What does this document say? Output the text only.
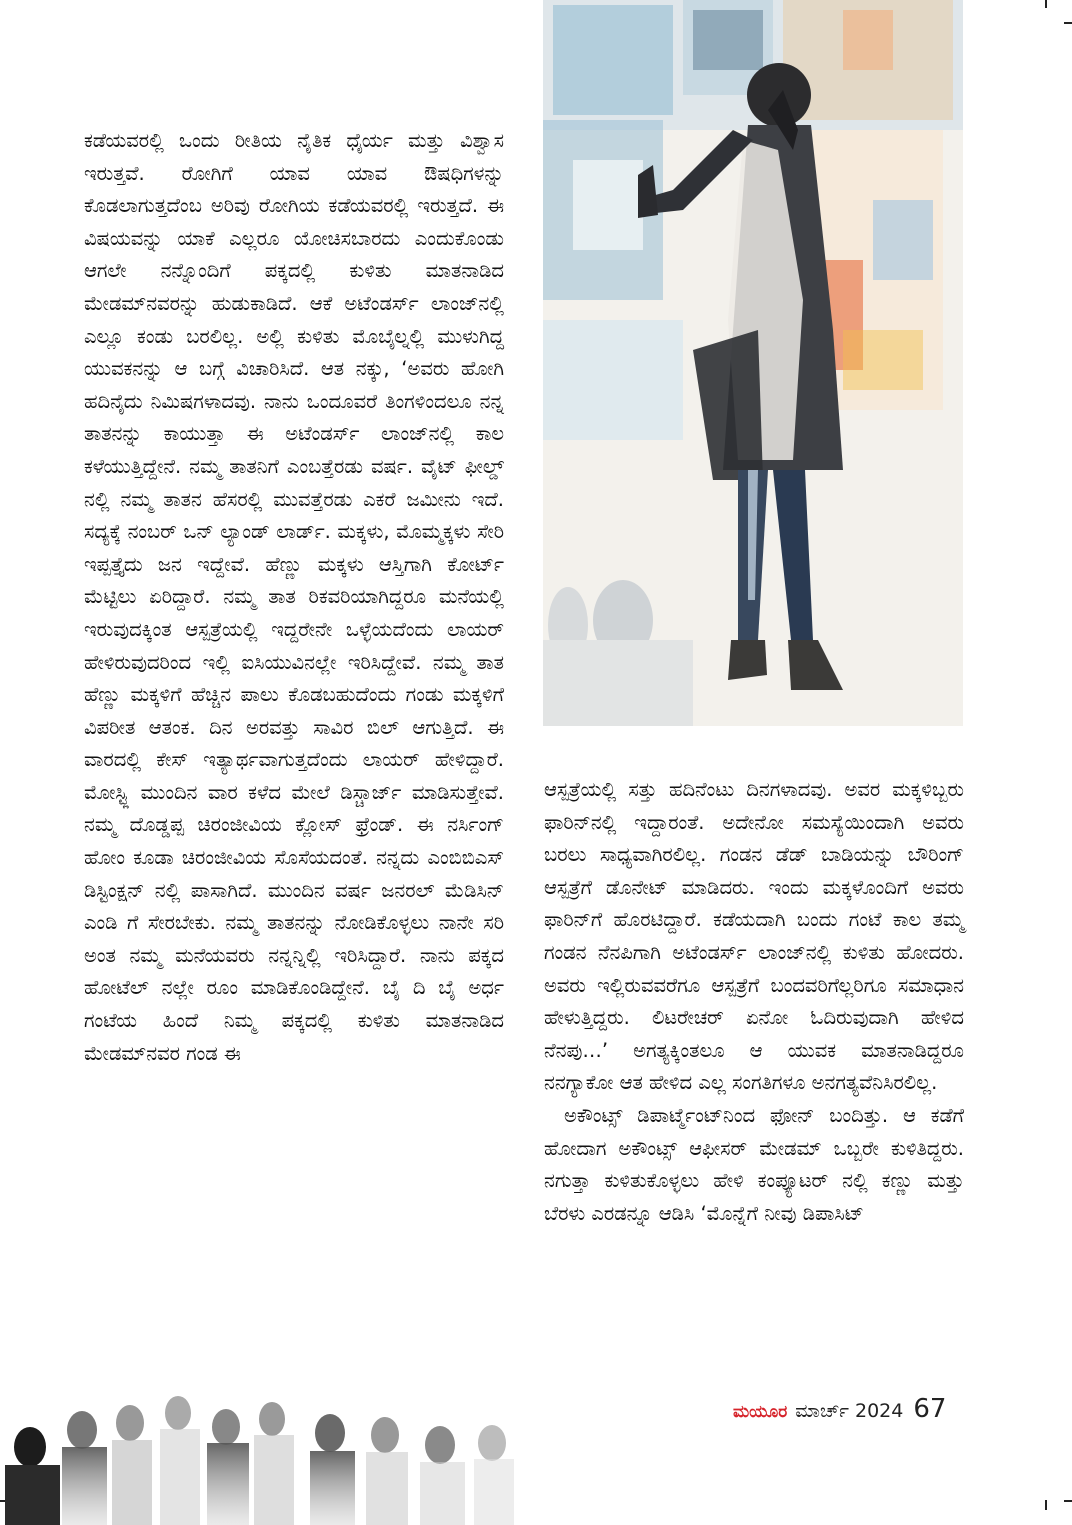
ಕಡೆಯವರಲ್ಲಿ ಒಂದು ರೀತಿಯ ನೈತಿಕ ಧೈರ್ಯ ಮತ್ತು ವಿಶ್ವಾಸ ಇರುತ್ತವೆ. ರೋಗಿಗೆ ಯಾವ ಯಾವ ಔಷಧಿಗಳನ್ನು ಕೊಡಲಾಗುತ್ತದೆಂಬ ಅರಿವು ರೋಗಿಯ ಕಡೆಯವರಲ್ಲಿ ಇರುತ್ತದೆ. ಈ ವಿಷಯವನ್ನು ಯಾಕೆ ಎಲ್ಲರೂ ಯೋಚಿಸಬಾರದು ಎಂದುಕೊಂಡು ಆಗಲೇ ನನ್ನೊಂದಿಗೆ ಪಕ್ಕದಲ್ಲಿ ಕುಳಿತು ಮಾತನಾಡಿದ ಮೇಡಮ್‌ನವರನ್ನು ಹುಡುಕಾಡಿದೆ. ಆಕೆ ಅಟೆಂಡರ್ಸ್ ಲಾಂಜ್‌ನಲ್ಲಿ ಎಲ್ಲೂ ಕಂಡು ಬರಲಿಲ್ಲ. ಅಲ್ಲಿ ಕುಳಿತು ಮೊಬೈಲ್ನಲ್ಲಿ ಮುಳುಗಿದ್ದ ಯುವಕನನ್ನು ಆ ಬಗ್ಗೆ ವಿಚಾರಿಸಿದೆ. ಆತ ನಕ್ಕು, ‘ಅವರು ಹೋಗಿ ಹದಿನೈದು ನಿಮಿಷಗಳಾದವು. ನಾನು ಒಂದೂವರೆ ತಿಂಗಳಿಂದಲೂ ನನ್ನ ತಾತನನ್ನು ಕಾಯುತ್ತಾ ಈ ಅಟೆಂಡರ್ಸ್ ಲಾಂಜ್‌ನಲ್ಲಿ ಕಾಲ ಕಳೆಯುತ್ತಿದ್ದೇನೆ. ನಮ್ಮ ತಾತನಿಗೆ ಎಂಬತ್ತೆರಡು ವರ್ಷ. ವೈಟ್ ಫೀಲ್ಡ್ ನಲ್ಲಿ ನಮ್ಮ ತಾತನ ಹೆಸರಲ್ಲಿ ಮುವತ್ತೆರಡು ಎಕರೆ ಜಮೀನು ಇದೆ. ಸದ್ಯಕ್ಕೆ ನಂಬರ್ ಒನ್ ಲ್ಯಾಂಡ್ ಲಾರ್ಡ್. ಮಕ್ಕಳು, ಮೊಮ್ಮಕ್ಕಳು ಸೇರಿ ಇಪ್ಪತ್ತೈದು ಜನ ಇದ್ದೇವೆ. ಹೆಣ್ಣು ಮಕ್ಕಳು ಆಸ್ತಿಗಾಗಿ ಕೋರ್ಟ್ ಮೆಟ್ಟಿಲು ಏರಿದ್ದಾರೆ. ನಮ್ಮ ತಾತ ರಿಕವರಿಯಾಗಿದ್ದರೂ ಮನೆಯಲ್ಲಿ ಇರುವುದಕ್ಕಿಂತ ಆಸ್ಪತ್ರೆಯಲ್ಲಿ ಇದ್ದರೇನೇ ಒಳ್ಳೆಯದೆಂದು ಲಾಯರ್ ಹೇಳಿರುವುದರಿಂದ ಇಲ್ಲಿ ಐಸಿಯುವಿನಲ್ಲೇ ಇರಿಸಿದ್ದೇವೆ. ನಮ್ಮ ತಾತ ಹೆಣ್ಣು ಮಕ್ಕಳಿಗೆ ಹೆಚ್ಚಿನ ಪಾಲು ಕೊಡಬಹುದೆಂದು ಗಂಡು ಮಕ್ಕಳಿಗೆ ವಿಪರೀತ ಆತಂಕ. ದಿನ ಅರವತ್ತು ಸಾವಿರ ಬಿಲ್ ಆಗುತ್ತಿದೆ. ಈ ವಾರದಲ್ಲಿ ಕೇಸ್ ಇತ್ಯಾರ್ಥವಾಗುತ್ತದೆಂದು ಲಾಯರ್ ಹೇಳಿದ್ದಾರೆ. ಮೋಸ್ಟ್ಲಿ ಮುಂದಿನ ವಾರ ಕಳೆದ ಮೇಲೆ ಡಿಸ್ಚಾರ್ಜ್ ಮಾಡಿಸುತ್ತೇವೆ. ನಮ್ಮ ದೊಡ್ಡಪ್ಪ ಚಿರಂಜೀವಿಯ ಕ್ಲೋಸ್ ಫ್ರೆಂಡ್. ಈ ನರ್ಸಿಂಗ್ ಹೋಂ ಕೂಡಾ ಚಿರಂಜೀವಿಯ ಸೊಸೆಯದಂತೆ. ನನ್ನದು ಎಂಬಿಬಿಎಸ್ ಡಿಸ್ಟಿಂಕ್ಷನ್ ನಲ್ಲಿ ಪಾಸಾಗಿದೆ. ಮುಂದಿನ ವರ್ಷ ಜನರಲ್ ಮೆಡಿಸಿನ್ ಎಂಡಿ ಗೆ ಸೇರಬೇಕು. ನಮ್ಮ ತಾತನನ್ನು ನೋಡಿಕೊಳ್ಳಲು ನಾನೇ ಸರಿ ಅಂತ ನಮ್ಮ ಮನೆಯವರು ನನ್ನನ್ನಿಲ್ಲಿ ಇರಿಸಿದ್ದಾರೆ. ನಾನು ಪಕ್ಕದ ಹೋಟೆಲ್ ನಲ್ಲೇ ರೂಂ ಮಾಡಿಕೊಂಡಿದ್ದೇನೆ. ಬೈ ದಿ ಬೈ ಅರ್ಧ ಗಂಟೆಯ ಹಿಂದೆ ನಿಮ್ಮ ಪಕ್ಕದಲ್ಲಿ ಕುಳಿತು ಮಾತನಾಡಿದ ಮೇಡಮ್‌ನವರ ಗಂಡ ಈ

ಆಸ್ಪತ್ರೆಯಲ್ಲಿ ಸತ್ತು ಹದಿನೆಂಟು ದಿನಗಳಾದವು. ಅವರ ಮಕ್ಕಳಿಬ್ಬರು ಫಾರಿನ್‌ನಲ್ಲಿ ಇದ್ದಾರಂತೆ. ಅದೇನೋ ಸಮಸ್ಯೆಯಿಂದಾಗಿ ಅವರು ಬರಲು ಸಾಧ್ಯವಾಗಿರಲಿಲ್ಲ. ಗಂಡನ ಡೆಡ್ ಬಾಡಿಯನ್ನು ಬೌರಿಂಗ್ ಆಸ್ಪತ್ರೆಗೆ ಡೊನೇಟ್ ಮಾಡಿದರು. ಇಂದು ಮಕ್ಕಳೊಂದಿಗೆ ಅವರು ಫಾರಿನ್‌ಗೆ ಹೊರಟಿದ್ದಾರೆ. ಕಡೆಯದಾಗಿ ಬಂದು ಗಂಟೆ ಕಾಲ ತಮ್ಮ ಗಂಡನ ನೆನಪಿಗಾಗಿ ಅಟೆಂಡರ್ಸ್ ಲಾಂಜ್‌ನಲ್ಲಿ ಕುಳಿತು ಹೋದರು. ಅವರು ಇಲ್ಲಿರುವವರೆಗೂ ಆಸ್ಪತ್ರೆಗೆ ಬಂದವರಿಗೆಲ್ಲರಿಗೂ ಸಮಾಧಾನ ಹೇಳುತ್ತಿದ್ದರು. ಲಿಟರೇಚರ್ ಏನೋ ಓದಿರುವುದಾಗಿ ಹೇಳಿದ ನೆನಪು…’ ಅಗತ್ಯಕ್ಕಿಂತಲೂ ಆ ಯುವಕ ಮಾತನಾಡಿದ್ದರೂ ನನಗ್ಯಾಕೋ ಆತ ಹೇಳಿದ ಎಲ್ಲ ಸಂಗತಿಗಳೂ ಅನಗತ್ಯವೆನಿಸಿರಲಿಲ್ಲ.

ಅಕೌಂಟ್ಸ್ ಡಿಪಾರ್ಟ್ಮೆಂಟ್‌ನಿಂದ ಫೋನ್ ಬಂದಿತ್ತು. ಆ ಕಡೆಗೆ ಹೋದಾಗ ಅಕೌಂಟ್ಸ್ ಆಫೀಸರ್ ಮೇಡಮ್ ಒಬ್ಬರೇ ಕುಳಿತಿದ್ದರು. ನಗುತ್ತಾ ಕುಳಿತುಕೊಳ್ಳಲು ಹೇಳಿ ಕಂಪ್ಯೂಟರ್ ನಲ್ಲಿ ಕಣ್ಣು ಮತ್ತು ಬೆರಳು ಎರಡನ್ನೂ ಆಡಿಸಿ ‘ಮೊನ್ನೆಗೆ ನೀವು ಡಿಪಾಸಿಟ್

ಮಯೂರ ಮಾರ್ಚ್ 2024 67
